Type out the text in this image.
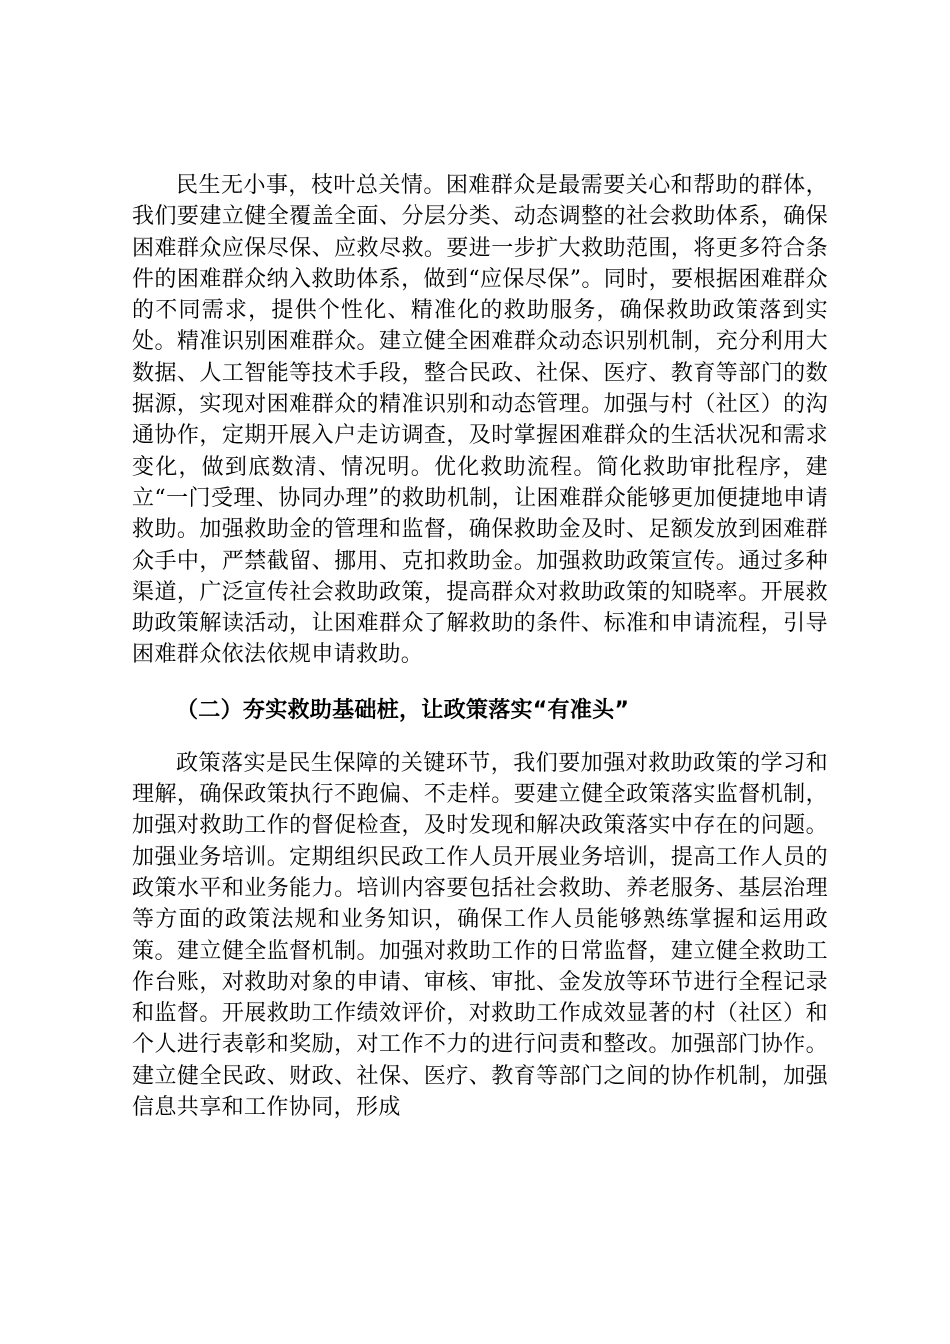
民生无小事，枝叶总关情。困难群众是最需要关心和帮助的群体，我们要建立健全覆盖全面、分层分类、动态调整的社会救助体系，确保困难群众应保尽保、应救尽救。要进一步扩大救助范围，将更多符合条件的困难群众纳入救助体系，做到“应保尽保”。同时，要根据困难群众的不同需求，提供个性化、精准化的救助服务，确保救助政策落到实处。精准识别困难群众。建立健全困难群众动态识别机制，充分利用大数据、人工智能等技术手段，整合民政、社保、医疗、教育等部门的数据源，实现对困难群众的精准识别和动态管理。加强与村（社区）的沟通协作，定期开展入户走访调查，及时掌握困难群众的生活状况和需求变化，做到底数清、情况明。优化救助流程。简化救助审批程序，建立“一门受理、协同办理”的救助机制，让困难群众能够更加便捷地申请救助。加强救助金的管理和监督，确保救助金及时、足额发放到困难群众手中，严禁截留、挪用、克扣救助金。加强救助政策宣传。通过多种渠道，广泛宣传社会救助政策，提高群众对救助政策的知晓率。开展救助政策解读活动，让困难群众了解救助的条件、标准和申请流程，引导困难群众依法依规申请救助。

（二）夯实救助基础桩，让政策落实“有准头”

政策落实是民生保障的关键环节，我们要加强对救助政策的学习和理解，确保政策执行不跑偏、不走样。要建立健全政策落实监督机制，加强对救助工作的督促检查，及时发现和解决政策落实中存在的问题。加强业务培训。定期组织民政工作人员开展业务培训，提高工作人员的政策水平和业务能力。培训内容要包括社会救助、养老服务、基层治理等方面的政策法规和业务知识，确保工作人员能够熟练掌握和运用政策。建立健全监督机制。加强对救助工作的日常监督，建立健全救助工作台账，对救助对象的申请、审核、审批、金发放等环节进行全程记录和监督。开展救助工作绩效评价，对救助工作成效显著的村（社区）和个人进行表彰和奖励，对工作不力的进行问责和整改。加强部门协作。建立健全民政、财政、社保、医疗、教育等部门之间的协作机制，加强信息共享和工作协同，形成
